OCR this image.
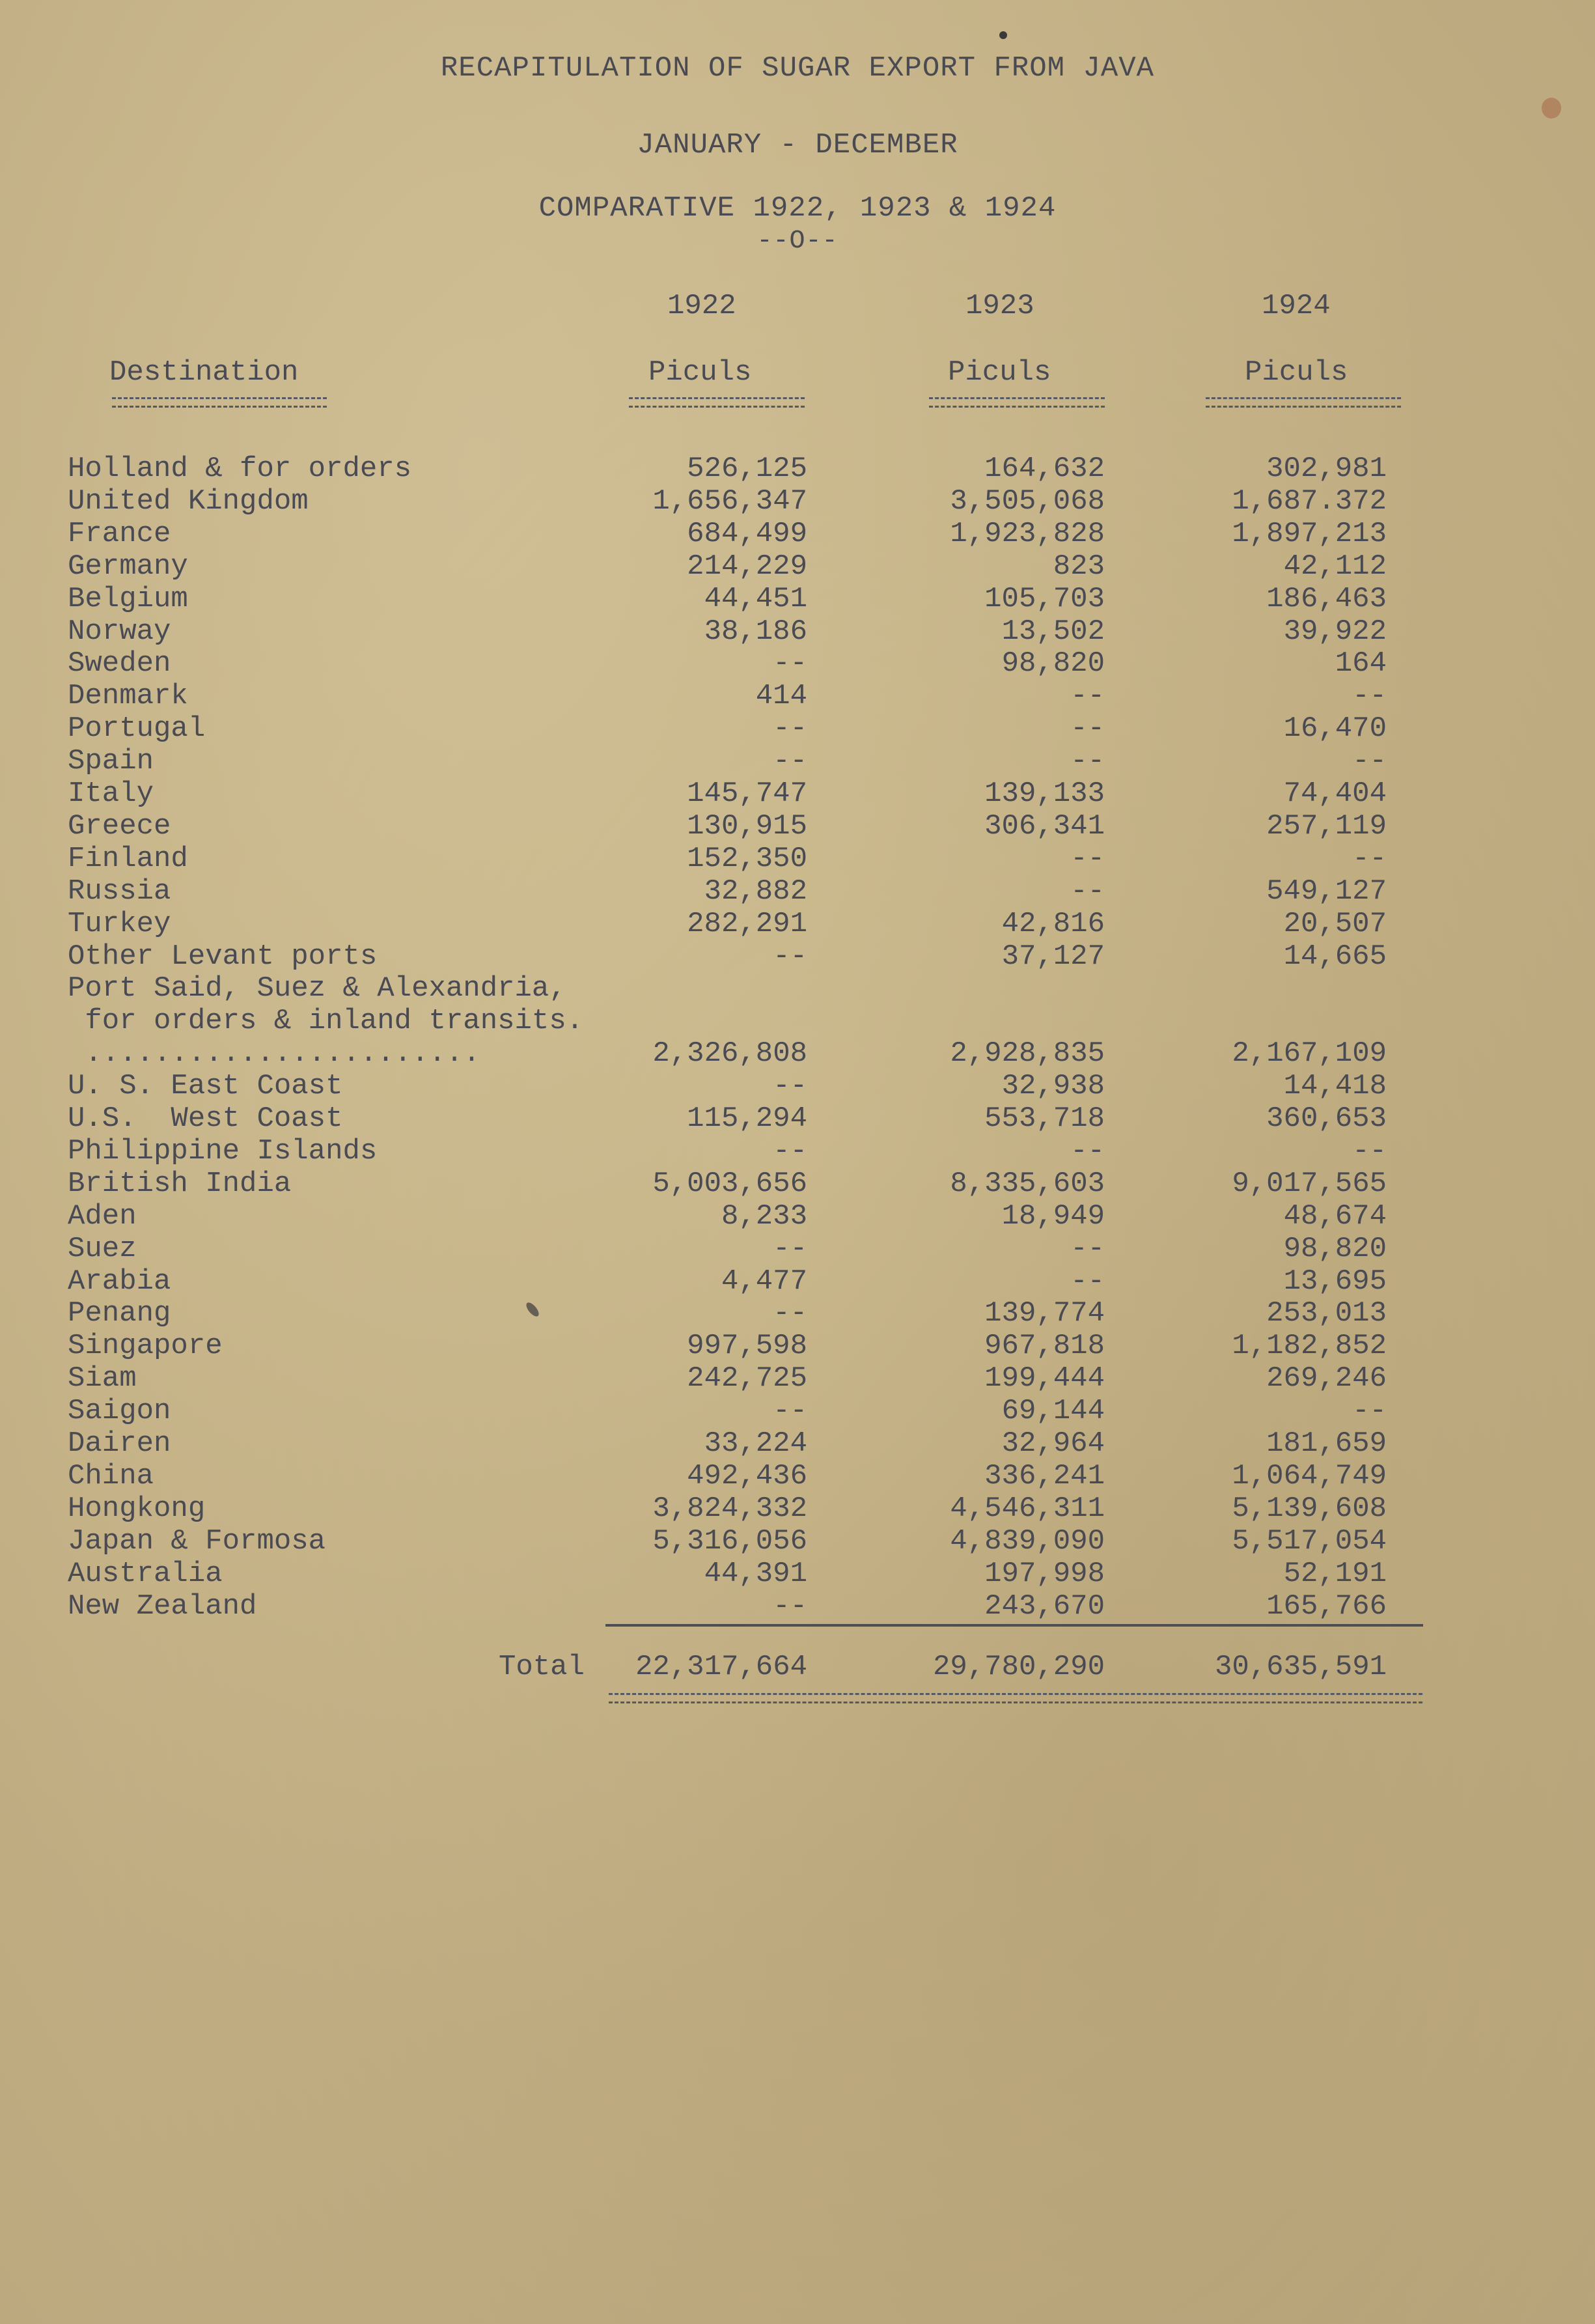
RECAPITULATION OF SUGAR EXPORT FROM JAVA
JANUARY - DECEMBER
COMPARATIVE 1922, 1923 & 1924
--O--
1922	1923	1924
Destination	Piculs	Piculs	Piculs
Holland & for orders	526,125	164,632	302,981
United Kingdom	1,656,347	3,505,068	1,687.372
France	684,499	1,923,828	1,897,213
Germany	214,229	823	42,112
Belgium	44,451	105,703	186,463
Norway	38,186	13,502	39,922
Sweden	--	98,820	164
Denmark	414	--	--
Portugal	--	--	16,470
Spain	--	--	--
Italy	145,747	139,133	74,404
Greece	130,915	306,341	257,119
Finland	152,350	--	--
Russia	32,882	--	549,127
Turkey	282,291	42,816	20,507
Other Levant ports	--	37,127	14,665
Port Said, Suez & Alexandria,
for orders & inland transits.
.......................	2,326,808	2,928,835	2,167,109
U. S. East Coast	--	32,938	14,418
U.S.  West Coast	115,294	553,718	360,653
Philippine Islands	--	--	--
British India	5,003,656	8,335,603	9,017,565
Aden	8,233	18,949	48,674
Suez	--	--	98,820
Arabia	4,477	--	13,695
Penang	--	139,774	253,013
Singapore	997,598	967,818	1,182,852
Siam	242,725	199,444	269,246
Saigon	--	69,144	--
Dairen	33,224	32,964	181,659
China	492,436	336,241	1,064,749
Hongkong	3,824,332	4,546,311	5,139,608
Japan & Formosa	5,316,056	4,839,090	5,517,054
Australia	44,391	197,998	52,191
New Zealand	--	243,670	165,766
Total 22,317,664	29,780,290	30,635,591
